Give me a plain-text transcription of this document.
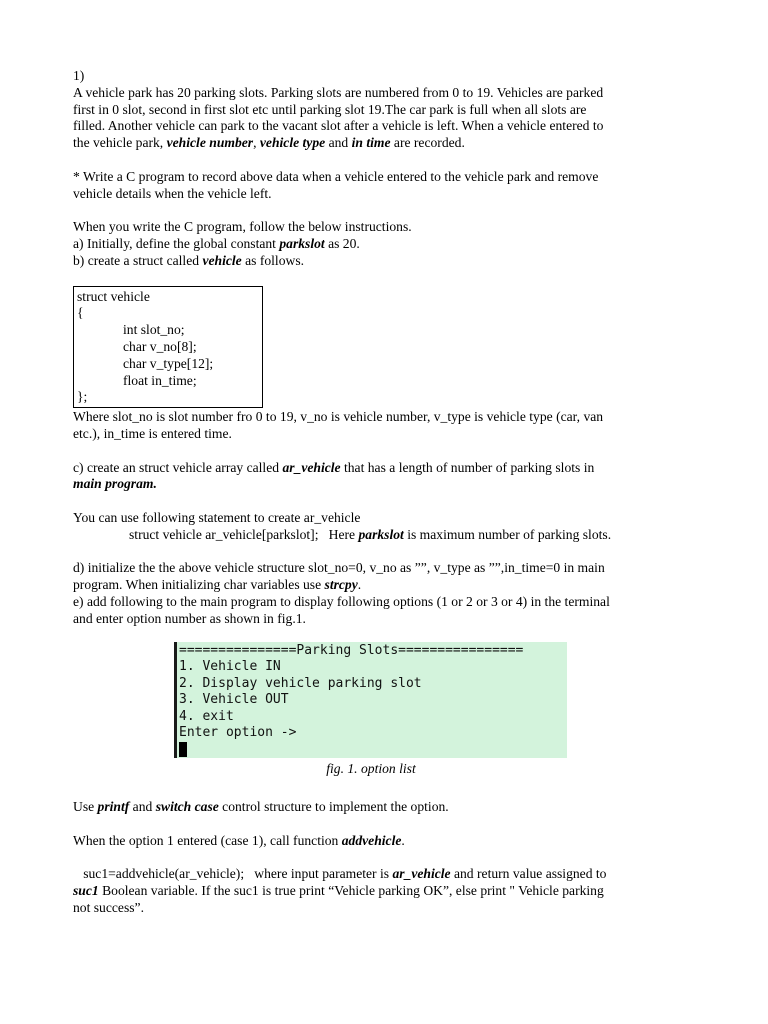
1)

A vehicle park has 20 parking slots. Parking slots are numbered from 0 to 19. Vehicles are parked
first in 0 slot, second in first slot etc until parking slot 19.The car park is full when all slots are
filled. Another vehicle can park to the vacant slot after a vehicle is left. When a vehicle entered to
the vehicle park, vehicle number, vehicle type and in time are recorded.

* Write a C program to record above data when a vehicle entered to the vehicle park and remove
vehicle details when the vehicle left.

When you write the C program, follow the below instructions.
a) Initially, define the global constant parkslot as 20.
b) create a struct called vehicle as follows.

struct vehicle
{
int slot_no;
char v_no[8];
char v_type[12];
float in_time;
};

Where slot_no is slot number fro 0 to 19, v_no is vehicle number, v_type is vehicle type (car, van
etc.), in_time is entered time.

c) create an struct vehicle array called ar_vehicle that has a length of number of parking slots in
main program.

You can use following statement to create ar_vehicle
struct vehicle ar_vehicle[parkslot];   Here parkslot is maximum number of parking slots.

d) initialize the the above vehicle structure slot_no=0, v_no as ””, v_type as ””,in_time=0 in main
program. When initializing char variables use strcpy.

e) add following to the main program to display following options (1 or 2 or 3 or 4) in the terminal
and enter option number as shown in fig.1.

===============Parking Slots================
1. Vehicle IN
2. Display vehicle parking slot
3. Vehicle OUT
4. exit
Enter option ->

fig. 1. option list

Use printf and switch case control structure to implement the option.

When the option 1 entered (case 1), call function addvehicle.

suc1=addvehicle(ar_vehicle);   where input parameter is ar_vehicle and return value assigned to
suc1 Boolean variable. If the suc1 is true print “Vehicle parking OK”, else print " Vehicle parking
not success”.
